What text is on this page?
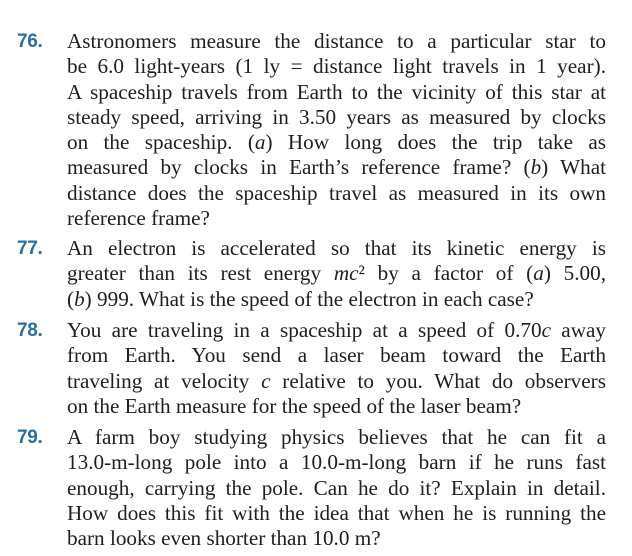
76. Astronomers measure the distance to a particular star to
be 6.0 light-years (1 ly = distance light travels in 1 year).
A spaceship travels from Earth to the vicinity of this star at
steady speed, arriving in 3.50 years as measured by clocks
on the spaceship. (a) How long does the trip take as
measured by clocks in Earth’s reference frame? (b) What
distance does the spaceship travel as measured in its own
reference frame?
77. An electron is accelerated so that its kinetic energy is
greater than its rest energy mc² by a factor of (a) 5.00,
(b) 999. What is the speed of the electron in each case?
78. You are traveling in a spaceship at a speed of 0.70c away
from Earth. You send a laser beam toward the Earth
traveling at velocity c relative to you. What do observers
on the Earth measure for the speed of the laser beam?
79. A farm boy studying physics believes that he can fit a
13.0-m-long pole into a 10.0-m-long barn if he runs fast
enough, carrying the pole. Can he do it? Explain in detail.
How does this fit with the idea that when he is running the
barn looks even shorter than 10.0 m?
